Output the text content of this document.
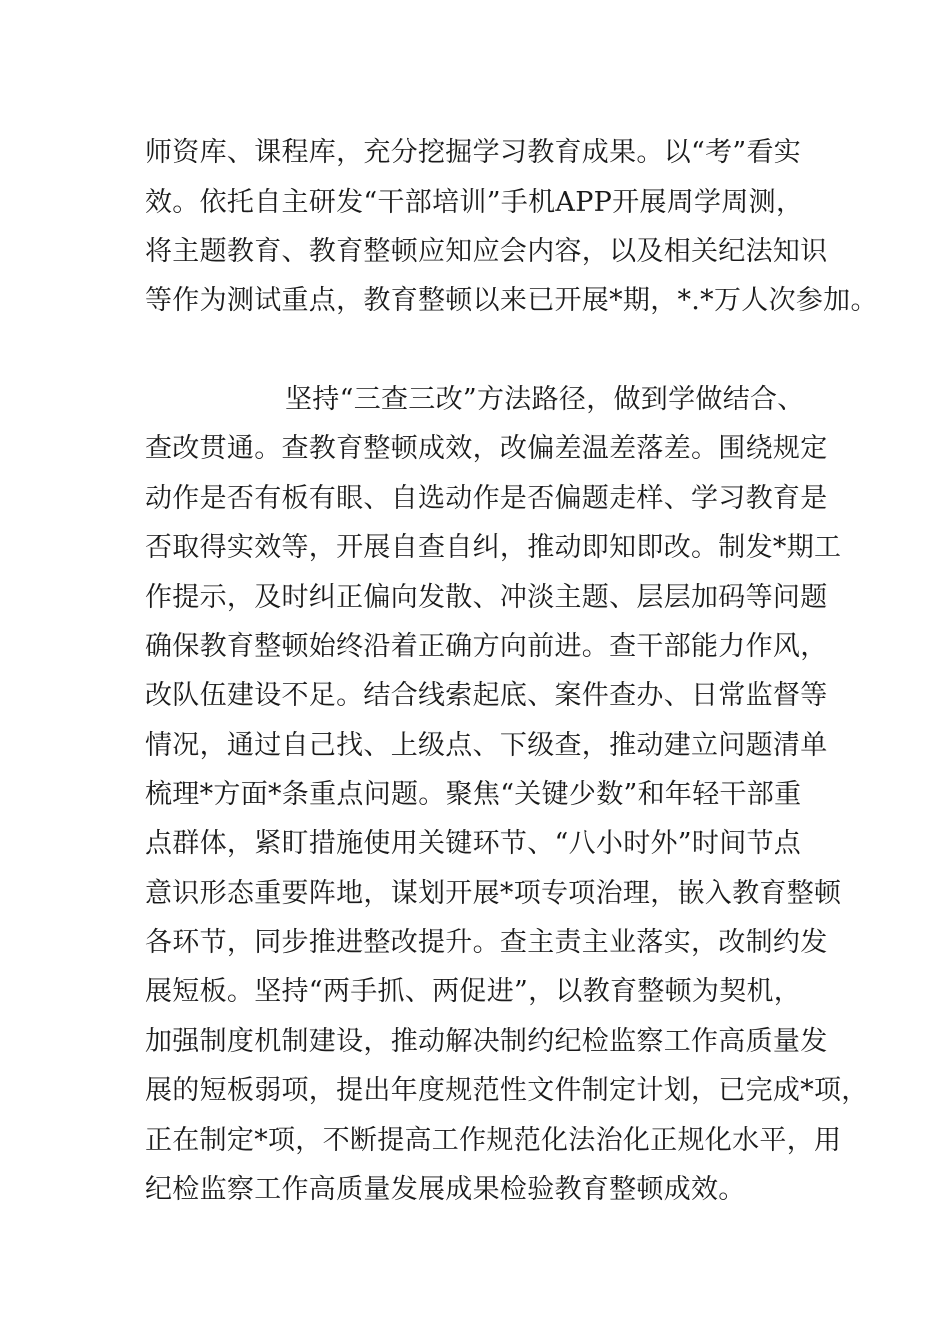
师资库、课程库，充分挖掘学习教育成果。以“考”看实
效。依托自主研发“干部培训”手机APP开展周学周测，
将主题教育、教育整顿应知应会内容，以及相关纪法知识
等作为测试重点，教育整顿以来已开展*期，*.*万人次参加。
坚持“三查三改”方法路径，做到学做结合、
查改贯通。查教育整顿成效，改偏差温差落差。围绕规定
动作是否有板有眼、自选动作是否偏题走样、学习教育是
否取得实效等，开展自查自纠，推动即知即改。制发*期工
作提示，及时纠正偏向发散、冲淡主题、层层加码等问题
确保教育整顿始终沿着正确方向前进。查干部能力作风，
改队伍建设不足。结合线索起底、案件查办、日常监督等
情况，通过自己找、上级点、下级查，推动建立问题清单
梳理*方面*条重点问题。聚焦“关键少数”和年轻干部重
点群体，紧盯措施使用关键环节、“八小时外”时间节点
意识形态重要阵地，谋划开展*项专项治理，嵌入教育整顿
各环节，同步推进整改提升。查主责主业落实，改制约发
展短板。坚持“两手抓、两促进”，以教育整顿为契机，
加强制度机制建设，推动解决制约纪检监察工作高质量发
展的短板弱项，提出年度规范性文件制定计划，已完成*项，
正在制定*项，不断提高工作规范化法治化正规化水平，用
纪检监察工作高质量发展成果检验教育整顿成效。
